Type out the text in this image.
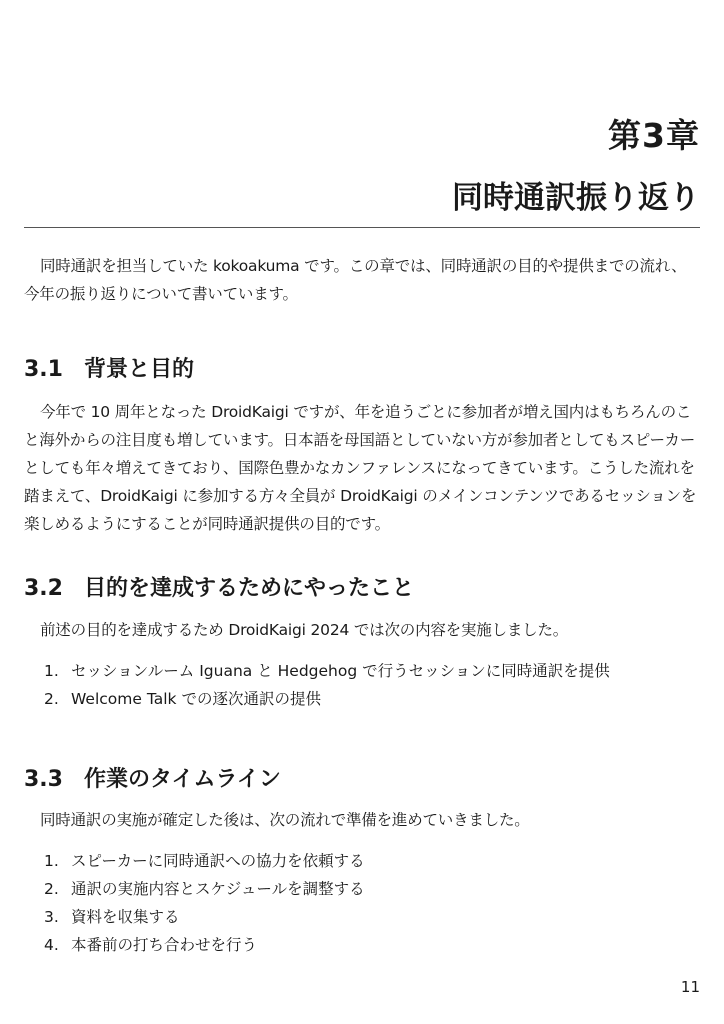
第3章
同時通訳振り返り

同時通訳を担当していた kokoakuma です。この章では、同時通訳の目的や提供までの流れ、今年の振り返りについて書いています。

3.1 背景と目的

今年で 10 周年となった DroidKaigi ですが、年を追うごとに参加者が増え国内はもちろんのこと海外からの注目度も増しています。日本語を母国語としていない方が参加者としてもスピーカーとしても年々増えてきており、国際色豊かなカンファレンスになってきています。こうした流れを踏まえて、DroidKaigi に参加する方々全員が DroidKaigi のメインコンテンツであるセッションを楽しめるようにすることが同時通訳提供の目的です。

3.2 目的を達成するためにやったこと

前述の目的を達成するため DroidKaigi 2024 では次の内容を実施しました。

1. セッションルーム Iguana と Hedgehog で行うセッションに同時通訳を提供
2. Welcome Talk での逐次通訳の提供
3.3 作業のタイムライン

同時通訳の実施が確定した後は、次の流れで準備を進めていきました。

1. スピーカーに同時通訳への協力を依頼する
2. 通訳の実施内容とスケジュールを調整する
3. 資料を収集する
4. 本番前の打ち合わせを行う
11
